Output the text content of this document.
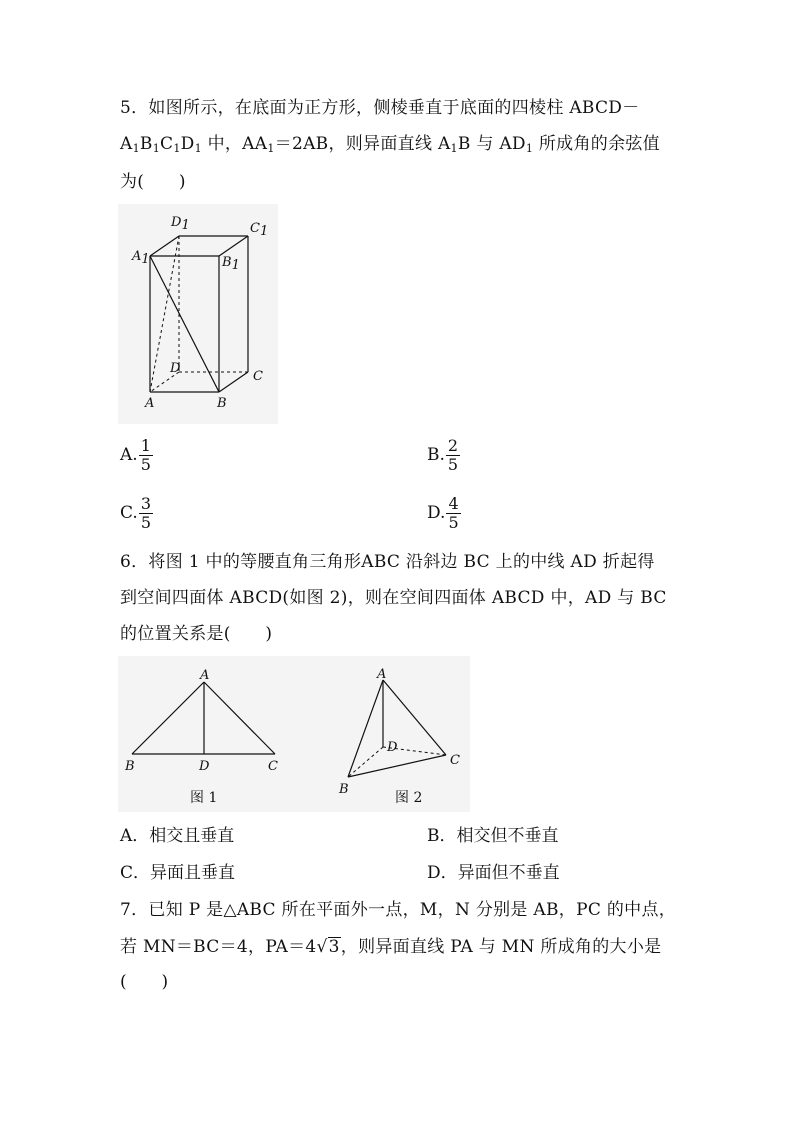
5．如图所示，在底面为正方形，侧棱垂直于底面的四棱柱 ABCD－
$A_1B_1C_1D_1$ 中，$AA_1=2AB$，则异面直线 $A_1B$ 与 $AD_1$ 所成角的余弦值
为(　　)
D1	C1
A1	B1
D
C
A	B
A. $\frac{1}{5}$	B. $\frac{2}{5}$
C. $\frac{3}{5}$	D. $\frac{4}{5}$
6．将图 1 中的等腰直角三角形ABC 沿斜边 BC 上的中线 AD 折起得
到空间四面体 ABCD(如图 2)，则在空间四面体 ABCD 中，AD 与 BC
的位置关系是(　　)
A
B	D	C
图 1
A
B
D
C
图 2
A．相交且垂直	B．相交但不垂直
C．异面且垂直	D．异面但不垂直
7．已知 P 是△ABC 所在平面外一点，M，N 分别是 AB，PC 的中点，
若 MN＝BC＝4，PA＝4√3，则异面直线 PA 与 MN 所成角的大小是
(　　)
